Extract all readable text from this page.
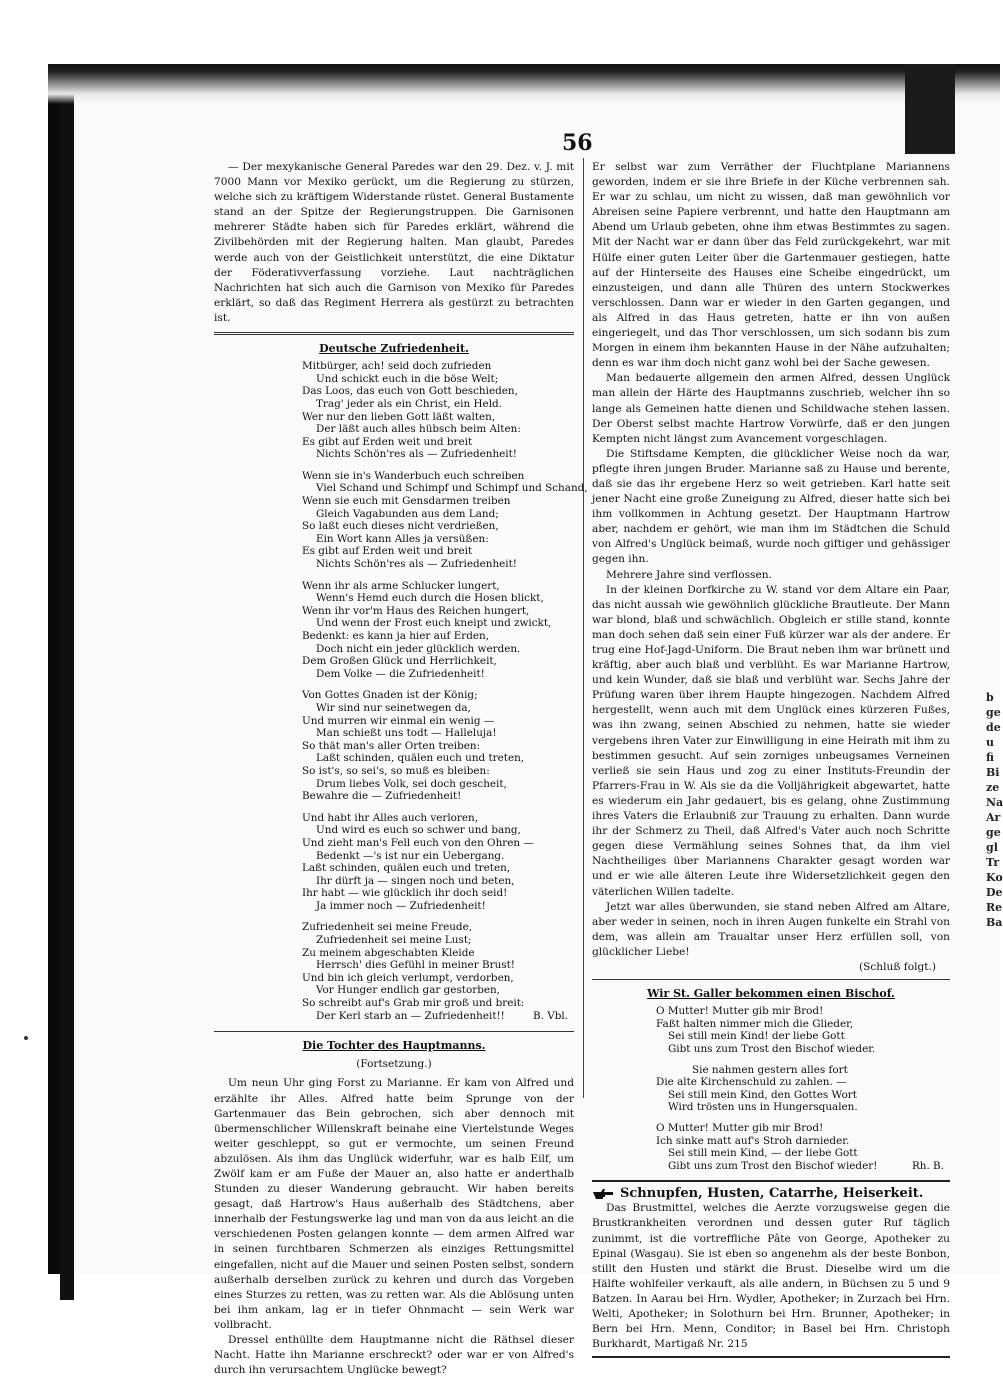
56

— Der mexykanische General Paredes war den 29. Dez. v. J. mit 7000 Mann vor Mexiko gerückt, um die Regierung zu stürzen, welche sich zu kräftigem Widerstande rüstet. General Bustamente stand an der Spitze der Regierungstruppen. Die Garnisonen mehrerer Städte haben sich für Paredes erklärt, während die Zivilbehörden mit der Regierung halten. Man glaubt, Paredes werde auch von der Geistlichkeit unterstützt, die eine Diktatur der Föderativverfassung vorziehe. Laut nachträglichen Nachrichten hat sich auch die Garnison von Mexiko für Paredes erklärt, so daß das Regiment Herrera als gestürzt zu betrachten ist.

Deutsche Zufriedenheit.
Mitbürger, ach! seid doch zufrieden
Und schickt euch in die böse Welt;
Das Loos, das euch von Gott beschieden,
Trag' jeder als ein Christ, ein Held.
Wer nur den lieben Gott läßt walten,
Der läßt auch alles hübsch beim Alten:
Es gibt auf Erden weit und breit
Nichts Schön'res als — Zufriedenheit!
Wenn sie in's Wanderbuch euch schreiben
Viel Schand und Schimpf und Schimpf und Schand,
Wenn sie euch mit Gensdarmen treiben
Gleich Vagabunden aus dem Land;
So laßt euch dieses nicht verdrießen,
Ein Wort kann Alles ja versüßen:
Es gibt auf Erden weit und breit
Nichts Schön'res als — Zufriedenheit!
Wenn ihr als arme Schlucker lungert,
Wenn's Hemd euch durch die Hosen blickt,
Wenn ihr vor'm Haus des Reichen hungert,
Und wenn der Frost euch kneipt und zwickt,
Bedenkt: es kann ja hier auf Erden,
Doch nicht ein jeder glücklich werden.
Dem Großen Glück und Herrlichkeit,
Dem Volke — die Zufriedenheit!
Von Gottes Gnaden ist der König;
Wir sind nur seinetwegen da,
Und murren wir einmal ein wenig —
Man schießt uns todt — Halleluja!
So thät man's aller Orten treiben:
Laßt schinden, quälen euch und treten,
So ist's, so sei's, so muß es bleiben:
Drum liebes Volk, sei doch gescheit,
Bewahre die — Zufriedenheit!
Und habt ihr Alles auch verloren,
Und wird es euch so schwer und bang,
Und zieht man's Fell euch von den Ohren —
Bedenkt —'s ist nur ein Uebergang.
Laßt schinden, quälen euch und treten,
Ihr dürft ja — singen noch und beten,
Ihr habt — wie glücklich ihr doch seid!
Ja immer noch — Zufriedenheit!
Zufriedenheit sei meine Freude,
Zufriedenheit sei meine Lust;
Zu meinem abgeschabten Kleide
Herrsch' dies Gefühl in meiner Brust!
Und bin ich gleich verlumpt, verdorben,
Vor Hunger endlich gar gestorben,
So schreibt auf's Grab mir groß und breit:
Der Kerl starb an — Zufriedenheit!!	B. Vbl.
Die Tochter des Hauptmanns.
(Fortsetzung.)

Um neun Uhr ging Forst zu Marianne. Er kam von Alfred und erzählte ihr Alles. Alfred hatte beim Sprunge von der Gartenmauer das Bein gebrochen, sich aber dennoch mit übermenschlicher Willenskraft beinahe eine Viertelstunde Weges weiter geschleppt, so gut er vermochte, um seinen Freund abzulösen. Als ihm das Unglück widerfuhr, war es halb Eilf, um Zwölf kam er am Fuße der Mauer an, also hatte er anderthalb Stunden zu dieser Wanderung gebraucht. Wir haben bereits gesagt, daß Hartrow's Haus außerhalb des Städtchens, aber innerhalb der Festungswerke lag und man von da aus leicht an die verschiedenen Posten gelangen konnte — dem armen Alfred war in seinen furchtbaren Schmerzen als einziges Rettungsmittel eingefallen, nicht auf die Mauer und seinen Posten selbst, sondern außerhalb derselben zurück zu kehren und durch das Vorgeben eines Sturzes zu retten, was zu retten war. Als die Ablösung unten bei ihm ankam, lag er in tiefer Ohnmacht — sein Werk war vollbracht.

Dressel enthüllte dem Hauptmanne nicht die Räthsel dieser Nacht. Hatte ihn Marianne erschreckt? oder war er von Alfred's durch ihn verursachtem Unglücke bewegt?

Er selbst war zum Verräther der Fluchtplane Mariannens geworden, indem er sie ihre Briefe in der Küche verbrennen sah. Er war zu schlau, um nicht zu wissen, daß man gewöhnlich vor Abreisen seine Papiere verbrennt, und hatte den Hauptmann am Abend um Urlaub gebeten, ohne ihm etwas Bestimmtes zu sagen. Mit der Nacht war er dann über das Feld zurückgekehrt, war mit Hülfe einer guten Leiter über die Gartenmauer gestiegen, hatte auf der Hinterseite des Hauses eine Scheibe eingedrückt, um einzusteigen, und dann alle Thüren des untern Stockwerkes verschlossen. Dann war er wieder in den Garten gegangen, und als Alfred in das Haus getreten, hatte er ihn von außen eingeriegelt, und das Thor verschlossen, um sich sodann bis zum Morgen in einem ihm bekannten Hause in der Nähe aufzuhalten; denn es war ihm doch nicht ganz wohl bei der Sache gewesen.

Man bedauerte allgemein den armen Alfred, dessen Unglück man allein der Härte des Hauptmanns zuschrieb, welcher ihn so lange als Gemeinen hatte dienen und Schildwache stehen lassen. Der Oberst selbst machte Hartrow Vorwürfe, daß er den jungen Kempten nicht längst zum Avancement vorgeschlagen.

Die Stiftsdame Kempten, die glücklicher Weise noch da war, pflegte ihren jungen Bruder. Marianne saß zu Hause und berente, daß sie das ihr ergebene Herz so weit getrieben. Karl hatte seit jener Nacht eine große Zuneigung zu Alfred, dieser hatte sich bei ihm vollkommen in Achtung gesetzt. Der Hauptmann Hartrow aber, nachdem er gehört, wie man ihm im Städtchen die Schuld von Alfred's Unglück beimaß, wurde noch giftiger und gehässiger gegen ihn.

Mehrere Jahre sind verflossen.

In der kleinen Dorfkirche zu W. stand vor dem Altare ein Paar, das nicht aussah wie gewöhnlich glückliche Brautleute. Der Mann war blond, blaß und schwächlich. Obgleich er stille stand, konnte man doch sehen daß sein einer Fuß kürzer war als der andere. Er trug eine Hof-Jagd-Uniform. Die Braut neben ihm war brünett und kräftig, aber auch blaß und verblüht. Es war Marianne Hartrow, und kein Wunder, daß sie blaß und verblüht war. Sechs Jahre der Prüfung waren über ihrem Haupte hingezogen. Nachdem Alfred hergestellt, wenn auch mit dem Unglück eines kürzeren Fußes, was ihn zwang, seinen Abschied zu nehmen, hatte sie wieder vergebens ihren Vater zur Einwilligung in eine Heirath mit ihm zu bestimmen gesucht. Auf sein zorniges unbeugsames Verneinen verließ sie sein Haus und zog zu einer Instituts-Freundin der Pfarrers-Frau in W. Als sie da die Volljährigkeit abgewartet, hatte es wiederum ein Jahr gedauert, bis es gelang, ohne Zustimmung ihres Vaters die Erlaubniß zur Trauung zu erhalten. Dann wurde ihr der Schmerz zu Theil, daß Alfred's Vater auch noch Schritte gegen diese Vermählung seines Sohnes that, da ihm viel Nachtheiliges über Mariannens Charakter gesagt worden war und er wie alle älteren Leute ihre Widersetzlichkeit gegen den väterlichen Willen tadelte.

Jetzt war alles überwunden, sie stand neben Alfred am Altare, aber weder in seinen, noch in ihren Augen funkelte ein Strahl von dem, was allein am Traualtar unser Herz erfüllen soll, von glücklicher Liebe!

(Schluß folgt.)

Wir St. Galler bekommen einen Bischof.
O Mutter! Mutter gib mir Brod!
Faßt halten nimmer mich die Glieder,
Sei still mein Kind! der liebe Gott
Gibt uns zum Trost den Bischof wieder.
Sie nahmen gestern alles fort
Die alte Kirchenschuld zu zahlen. —
Sei still mein Kind, den Gottes Wort
Wird trösten uns in Hungersqualen.
O Mutter! Mutter gib mir Brod!
Ich sinke matt auf's Stroh darnieder.
Sei still mein Kind, — der liebe Gott
Gibt uns zum Trost den Bischof wieder!	Rh. B.
Schnupfen, Husten, Catarrhe, Heiserkeit.

Das Brustmittel, welches die Aerzte vorzugsweise gegen die Brustkrankheiten verordnen und dessen guter Ruf täglich zunimmt, ist die vortreffliche Pâte von George, Apotheker zu Epinal (Wasgau). Sie ist eben so angenehm als der beste Bonbon, stillt den Husten und stärkt die Brust. Dieselbe wird um die Hälfte wohlfeiler verkauft, als alle andern, in Büchsen zu 5 und 9 Batzen. In Aarau bei Hrn. Wydler, Apotheker; in Zurzach bei Hrn. Welti, Apotheker; in Solothurn bei Hrn. Brunner, Apotheker; in Bern bei Hrn. Menn, Conditor; in Basel bei Hrn. Christoph Burkhardt, Martigaß Nr. 215

b
ge
de
u
fi
Bi
ze
Na
Ar
ge
gl
Tr
Ko
De
Re
Ba
